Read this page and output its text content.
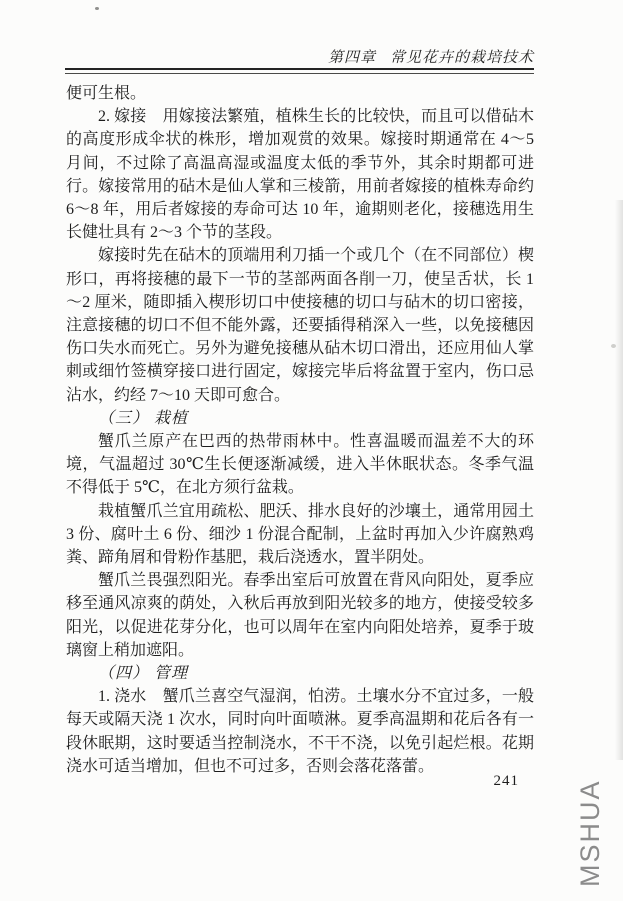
第四章 常见花卉的栽培技术

便可生根。

2. 嫁接　用嫁接法繁殖，植株生长的比较快，而且可以借砧木的高度形成伞状的株形，增加观赏的效果。嫁接时期通常在 4～5 月间，不过除了高温高湿或温度太低的季节外，其余时期都可进行。嫁接常用的砧木是仙人掌和三棱箭，用前者嫁接的植株寿命约 6～8 年，用后者嫁接的寿命可达 10 年，逾期则老化，接穗选用生长健壮具有 2～3 个节的茎段。

嫁接时先在砧木的顶端用利刀插一个或几个（在不同部位）楔形口，再将接穗的最下一节的茎部两面各削一刀，使呈舌状，长 1～2 厘米，随即插入楔形切口中使接穗的切口与砧木的切口密接，注意接穗的切口不但不能外露，还要插得稍深入一些，以免接穗因伤口失水而死亡。另外为避免接穗从砧木切口滑出，还应用仙人掌刺或细竹签横穿接口进行固定，嫁接完毕后将盆置于室内，伤口忌沾水，约经 7～10 天即可愈合。

（三） 栽植

蟹爪兰原产在巴西的热带雨林中。性喜温暖而温差不大的环境，气温超过 30℃生长便逐渐减缓，进入半休眠状态。冬季气温不得低于 5℃，在北方须行盆栽。

栽植蟹爪兰宜用疏松、肥沃、排水良好的沙壤土，通常用园土 3 份、腐叶土 6 份、细沙 1 份混合配制，上盆时再加入少许腐熟鸡粪、蹄角屑和骨粉作基肥，栽后浇透水，置半阴处。

蟹爪兰畏强烈阳光。春季出室后可放置在背风向阳处，夏季应移至通风凉爽的荫处，入秋后再放到阳光较多的地方，使接受较多阳光，以促进花芽分化，也可以周年在室内向阳处培养，夏季于玻璃窗上稍加遮阳。

（四） 管理

1. 浇水　蟹爪兰喜空气湿润，怕涝。土壤水分不宜过多，一般每天或隔天浇 1 次水，同时向叶面喷淋。夏季高温期和花后各有一段休眠期，这时要适当控制浇水，不干不浇，以免引起烂根。花期浇水可适当增加，但也不可过多，否则会落花落蕾。

241 MSHUA
